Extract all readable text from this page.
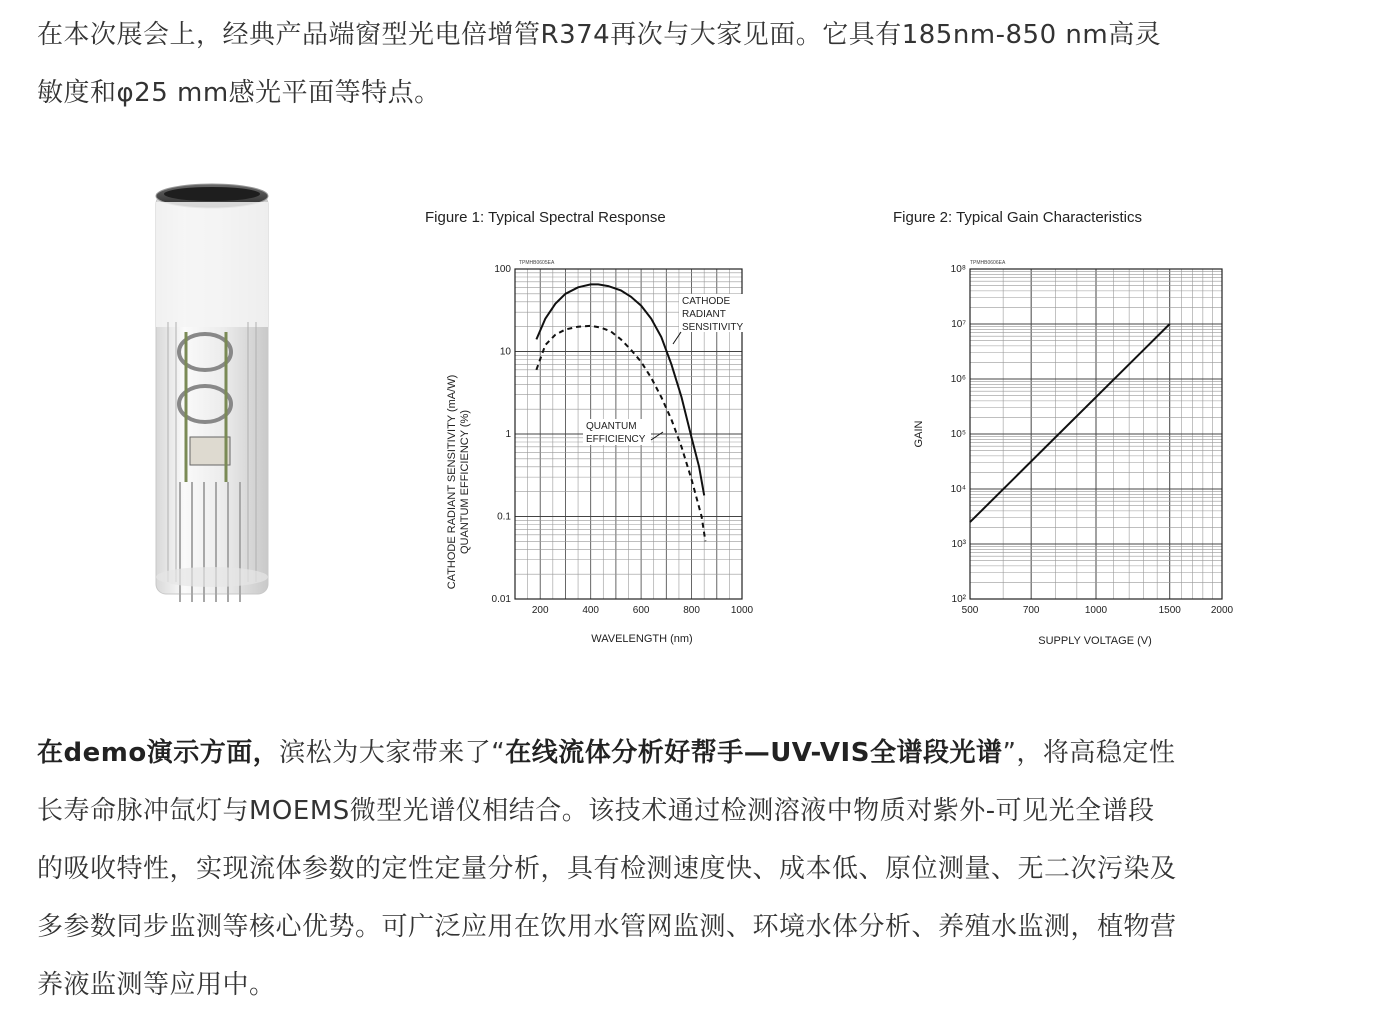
在本次展会上，经典产品端窗型光电倍增管R374再次与大家见面。它具有185nm-850 nm高灵
敏度和φ25 mm感光平面等特点。

Figure 1: Typical Spectral Response
TPMHB0605EA
200	400	600	800	1000
100
10
1
0.1
0.01
CATHODE
RADIANT
SENSITIVITY
QUANTUM
EFFICIENCY
WAVELENGTH (nm)
CATHODE RADIANT SENSITIVITY (mA/W) QUANTUM EFFICIENCY (%)
Figure 2: Typical Gain Characteristics
TPMHB0606EA
500	700	1000	1500	2000
10⁸
10⁷
10⁶
10⁵
10⁴
10³
10²
SUPPLY VOLTAGE (V)
GAIN

在demo演示方面，滨松为大家带来了“在线流体分析好帮手—UV-VIS全谱段光谱”，将高稳定性
长寿命脉冲氙灯与MOEMS微型光谱仪相结合。该技术通过检测溶液中物质对紫外-可见光全谱段
的吸收特性，实现流体参数的定性定量分析，具有检测速度快、成本低、原位测量、无二次污染及
多参数同步监测等核心优势。可广泛应用在饮用水管网监测、环境水体分析、养殖水监测，植物营
养液监测等应用中。
